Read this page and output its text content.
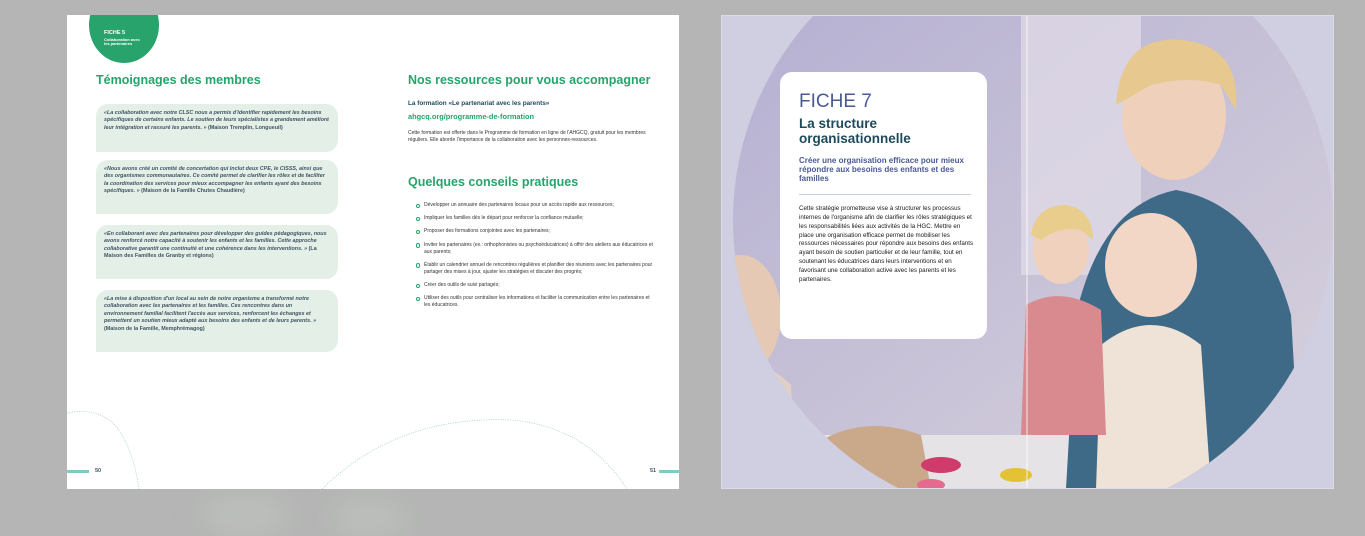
FICHE 5
Collaboration avec les partenaires
Témoignages des membres
«La collaboration avec notre CLSC nous a permis d'identifier rapidement les besoins spécifiques de certains enfants. Le soutien de leurs spécialistes a grandement amélioré leur intégration et rassuré les parents. » (Maison Tremplin, Longueuil)
«Nous avons créé un comité de concertation qui inclut deux CPE, le CISSS, ainsi que des organismes communautaires. Ce comité permet de clarifier les rôles et de faciliter la coordination des services pour mieux accompagner les enfants ayant des besoins spécifiques. » (Maison de la Famille Chutes Chaudière)
«En collaborant avec des partenaires pour développer des guides pédagogiques, nous avons renforcé notre capacité à soutenir les enfants et les familles. Cette approche collaborative garantit une continuité et une cohérence dans les interventions. » (La Maison des Familles de Granby et régions)
«La mise à disposition d'un local au sein de notre organisme a transformé notre collaboration avec les partenaires et les familles. Ces rencontres dans un environnement familial facilitent l'accès aux services, renforcent les échanges et permettent un soutien mieux adapté aux besoins des enfants et de leurs parents. » (Maison de la Famille, Memphrémagog)
Nos ressources pour vous accompagner
La formation «Le partenariat avec les parents»
ahgcq.org/programme-de-formation
Cette formation est offerte dans le Programme de formation en ligne de l'AHGCQ, gratuit pour les membres réguliers. Elle aborde l'importance de la collaboration avec les personnes-ressources.
Quelques conseils pratiques
Développer un annuaire des partenaires locaux pour un accès rapide aux ressources;
Impliquer les familles dès le départ pour renforcer la confiance mutuelle;
Proposer des formations conjointes avec les partenaires;
Inviter les partenaires (ex.: orthophonistes ou psychoéducatrices) à offrir des ateliers aux éducatrices et aux parents;
Établir un calendrier annuel de rencontres régulières et planifier des réunions avec les partenaires pour partager des mises à jour, ajuster les stratégies et discuter des progrès;
Créer des outils de suivi partagés;
Utiliser des outils pour centraliser les informations et faciliter la communication entre les partenaires et les éducatrices.
50	51
FICHE 7
La structure organisationnelle
Créer une organisation efficace pour mieux répondre aux besoins des enfants et des familles

Cette stratégie prometteuse vise à structurer les processus internes de l'organisme afin de clarifier les rôles stratégiques et les responsabilités liées aux activités de la HGC. Mettre en place une organisation efficace permet de mobiliser les ressources nécessaires pour répondre aux besoins des enfants ayant besoin de soutien particulier et de leur famille, tout en soutenant les éducatrices dans leurs interventions et en favorisant une collaboration active avec les parents et les partenaires.
